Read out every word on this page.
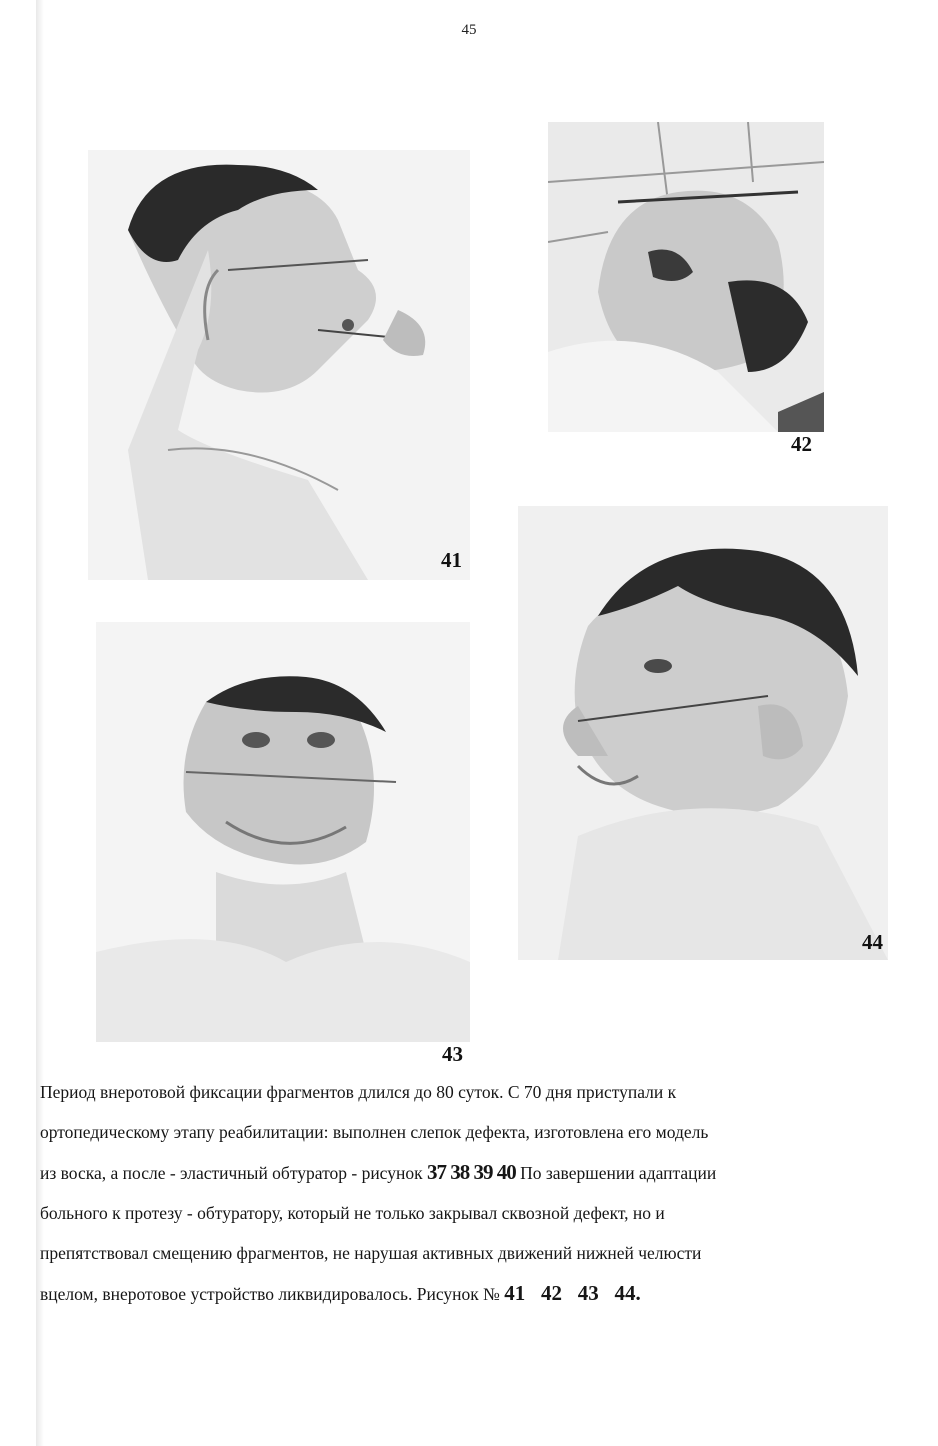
45
41
42
43
44

Период внеротовой фиксации фрагментов длился до 80 суток. С 70 дня приступали к

ортопедическому этапу реабилитации: выполнен слепок дефекта, изготовлена его модель

из воска, а после - эластичный обтуратор - рисунок 37 38 39 40 По завершении адаптации

больного к протезу - обтуратору, который не только закрывал сквозной дефект, но и

препятствовал смещению фрагментов, не нарушая активных движений нижней челюсти

вцелом, внеротовое устройство ликвидировалось. Рисунок № 41   42   43   44.
